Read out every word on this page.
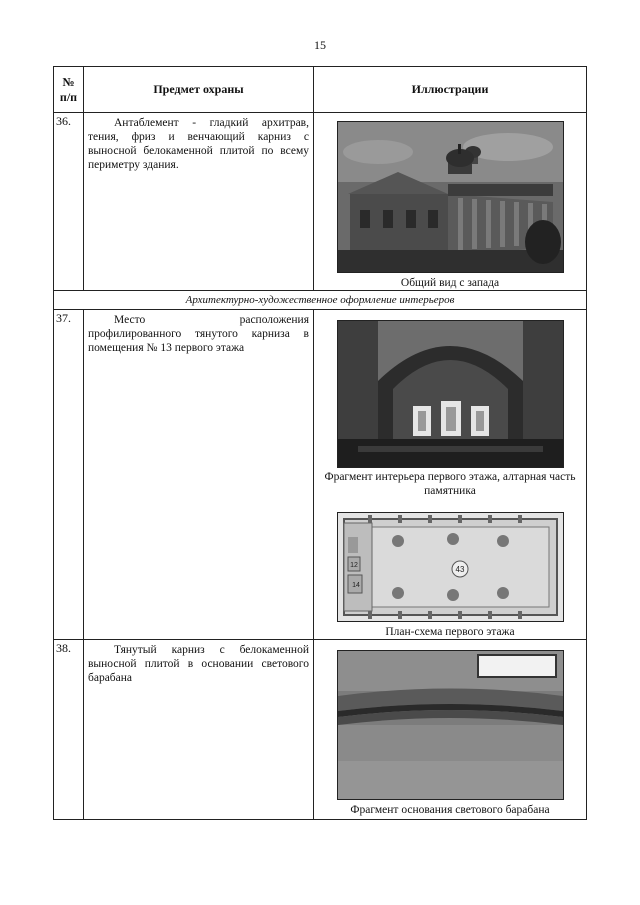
15
№
п/п	Предмет охраны	Иллюстрации
36.	Антаблемент - гладкий архитрав, тения, фриз и венчающий карниз с выносной белокаменной плитой по всему периметру здания.	Общий вид с запада

Архитектурно-художественное оформление интерьеров		
37.	Место расположения профилированного тянутого карниза в помещения № 13 первого этажа	Фрагмент интерьера первого этажа, алтарная часть памятника
43
12
14
План-схема первого этажа

38.	Тянутый карниз с белокаменной выносной плитой в основании светового барабана	Фрагмент основания светового барабана
